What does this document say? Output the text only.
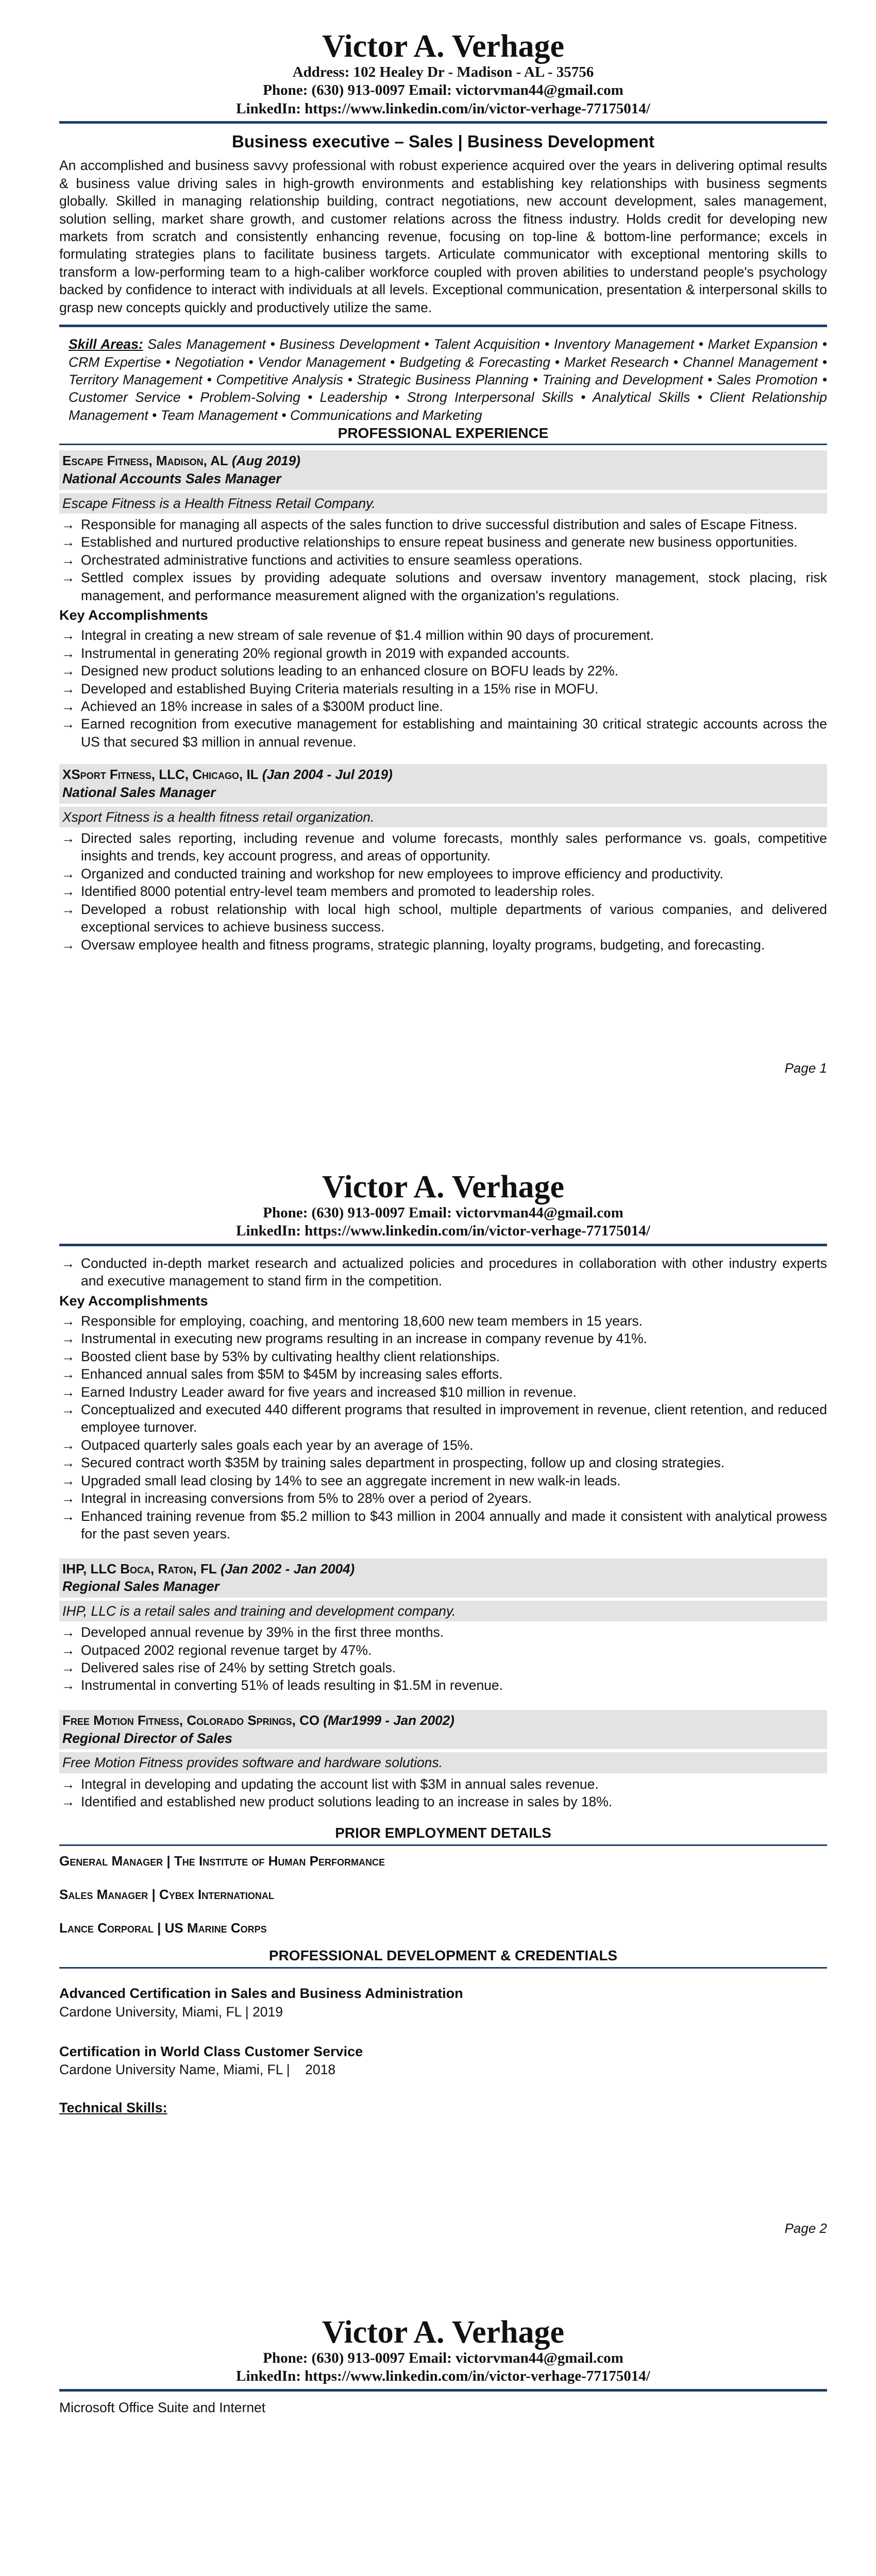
Victor A. Verhage
Address: 102 Healey Dr - Madison - AL - 35756
Phone: (630) 913-0097 Email: victorvman44@gmail.com
LinkedIn: https://www.linkedin.com/in/victor-verhage-77175014/
Business executive – Sales | Business Development

An accomplished and business savvy professional with robust experience acquired over the years in delivering optimal results & business value driving sales in high-growth environments and establishing key relationships with business segments globally. Skilled in managing relationship building, contract negotiations, new account development, sales management, solution selling, market share growth, and customer relations across the fitness industry. Holds credit for developing new markets from scratch and consistently enhancing revenue, focusing on top-line & bottom-line performance; excels in formulating strategies plans to facilitate business targets. Articulate communicator with exceptional mentoring skills to transform a low-performing team to a high-caliber workforce coupled with proven abilities to understand people's psychology backed by confidence to interact with individuals at all levels. Exceptional communication, presentation & interpersonal skills to grasp new concepts quickly and productively utilize the same.

Skill Areas: Sales Management • Business Development • Talent Acquisition • Inventory Management • Market Expansion • CRM Expertise • Negotiation • Vendor Management • Budgeting & Forecasting • Market Research • Channel Management • Territory Management • Competitive Analysis • Strategic Business Planning • Training and Development • Sales Promotion • Customer Service • Problem-Solving • Leadership • Strong Interpersonal Skills • Analytical Skills • Client Relationship Management • Team Management • Communications and Marketing

PROFESSIONAL EXPERIENCE
Escape Fitness, Madison, AL (Aug 2019)
National Accounts Sales Manager
Escape Fitness is a Health Fitness Retail Company.
→ Responsible for managing all aspects of the sales function to drive successful distribution and sales of Escape Fitness.
→ Established and nurtured productive relationships to ensure repeat business and generate new business opportunities.
→ Orchestrated administrative functions and activities to ensure seamless operations.
→ Settled complex issues by providing adequate solutions and oversaw inventory management, stock placing, risk management, and performance measurement aligned with the organization's regulations.
Key Accomplishments
→ Integral in creating a new stream of sale revenue of $1.4 million within 90 days of procurement.
→ Instrumental in generating 20% regional growth in 2019 with expanded accounts.
→ Designed new product solutions leading to an enhanced closure on BOFU leads by 22%.
→ Developed and established Buying Criteria materials resulting in a 15% rise in MOFU.
→ Achieved an 18% increase in sales of a $300M product line.
→ Earned recognition from executive management for establishing and maintaining 30 critical strategic accounts across the US that secured $3 million in annual revenue.
XSport Fitness, LLC, Chicago, IL (Jan 2004 - Jul 2019)
National Sales Manager
Xsport Fitness is a health fitness retail organization.
→ Directed sales reporting, including revenue and volume forecasts, monthly sales performance vs. goals, competitive insights and trends, key account progress, and areas of opportunity.
→ Organized and conducted training and workshop for new employees to improve efficiency and productivity.
→ Identified 8000 potential entry-level team members and promoted to leadership roles.
→ Developed a robust relationship with local high school, multiple departments of various companies, and delivered exceptional services to achieve business success.
→ Oversaw employee health and fitness programs, strategic planning, loyalty programs, budgeting, and forecasting.
Page 1
Victor A. Verhage
Phone: (630) 913-0097 Email: victorvman44@gmail.com
LinkedIn: https://www.linkedin.com/in/victor-verhage-77175014/
→ Conducted in-depth market research and actualized policies and procedures in collaboration with other industry experts and executive management to stand firm in the competition.
Key Accomplishments
→ Responsible for employing, coaching, and mentoring 18,600 new team members in 15 years.
→ Instrumental in executing new programs resulting in an increase in company revenue by 41%.
→ Boosted client base by 53% by cultivating healthy client relationships.
→ Enhanced annual sales from $5M to $45M by increasing sales efforts.
→ Earned Industry Leader award for five years and increased $10 million in revenue.
→ Conceptualized and executed 440 different programs that resulted in improvement in revenue, client retention, and reduced employee turnover.
→ Outpaced quarterly sales goals each year by an average of 15%.
→ Secured contract worth $35M by training sales department in prospecting, follow up and closing strategies.
→ Upgraded small lead closing by 14% to see an aggregate increment in new walk-in leads.
→ Integral in increasing conversions from 5% to 28% over a period of 2years.
→ Enhanced training revenue from $5.2 million to $43 million in 2004 annually and made it consistent with analytical prowess for the past seven years.
IHP, LLC Boca, Raton, FL (Jan 2002 - Jan 2004)
Regional Sales Manager
IHP, LLC is a retail sales and training and development company.
→ Developed annual revenue by 39% in the first three months.
→ Outpaced 2002 regional revenue target by 47%.
→ Delivered sales rise of 24% by setting Stretch goals.
→ Instrumental in converting 51% of leads resulting in $1.5M in revenue.
Free Motion Fitness, Colorado Springs, CO (Mar1999 - Jan 2002)
Regional Director of Sales
Free Motion Fitness provides software and hardware solutions.
→ Integral in developing and updating the account list with $3M in annual sales revenue.
→ Identified and established new product solutions leading to an increase in sales by 18%.
PRIOR EMPLOYMENT DETAILS
General Manager | The Institute of Human Performance
Sales Manager | Cybex International
Lance Corporal | US Marine Corps
PROFESSIONAL DEVELOPMENT & CREDENTIALS
Advanced Certification in Sales and Business Administration
Cardone University, Miami, FL | 2019
Certification in World Class Customer Service
Cardone University Name, Miami, FL |    2018
Technical Skills:
Page 2
Victor A. Verhage
Phone: (630) 913-0097 Email: victorvman44@gmail.com
LinkedIn: https://www.linkedin.com/in/victor-verhage-77175014/
Microsoft Office Suite and Internet
